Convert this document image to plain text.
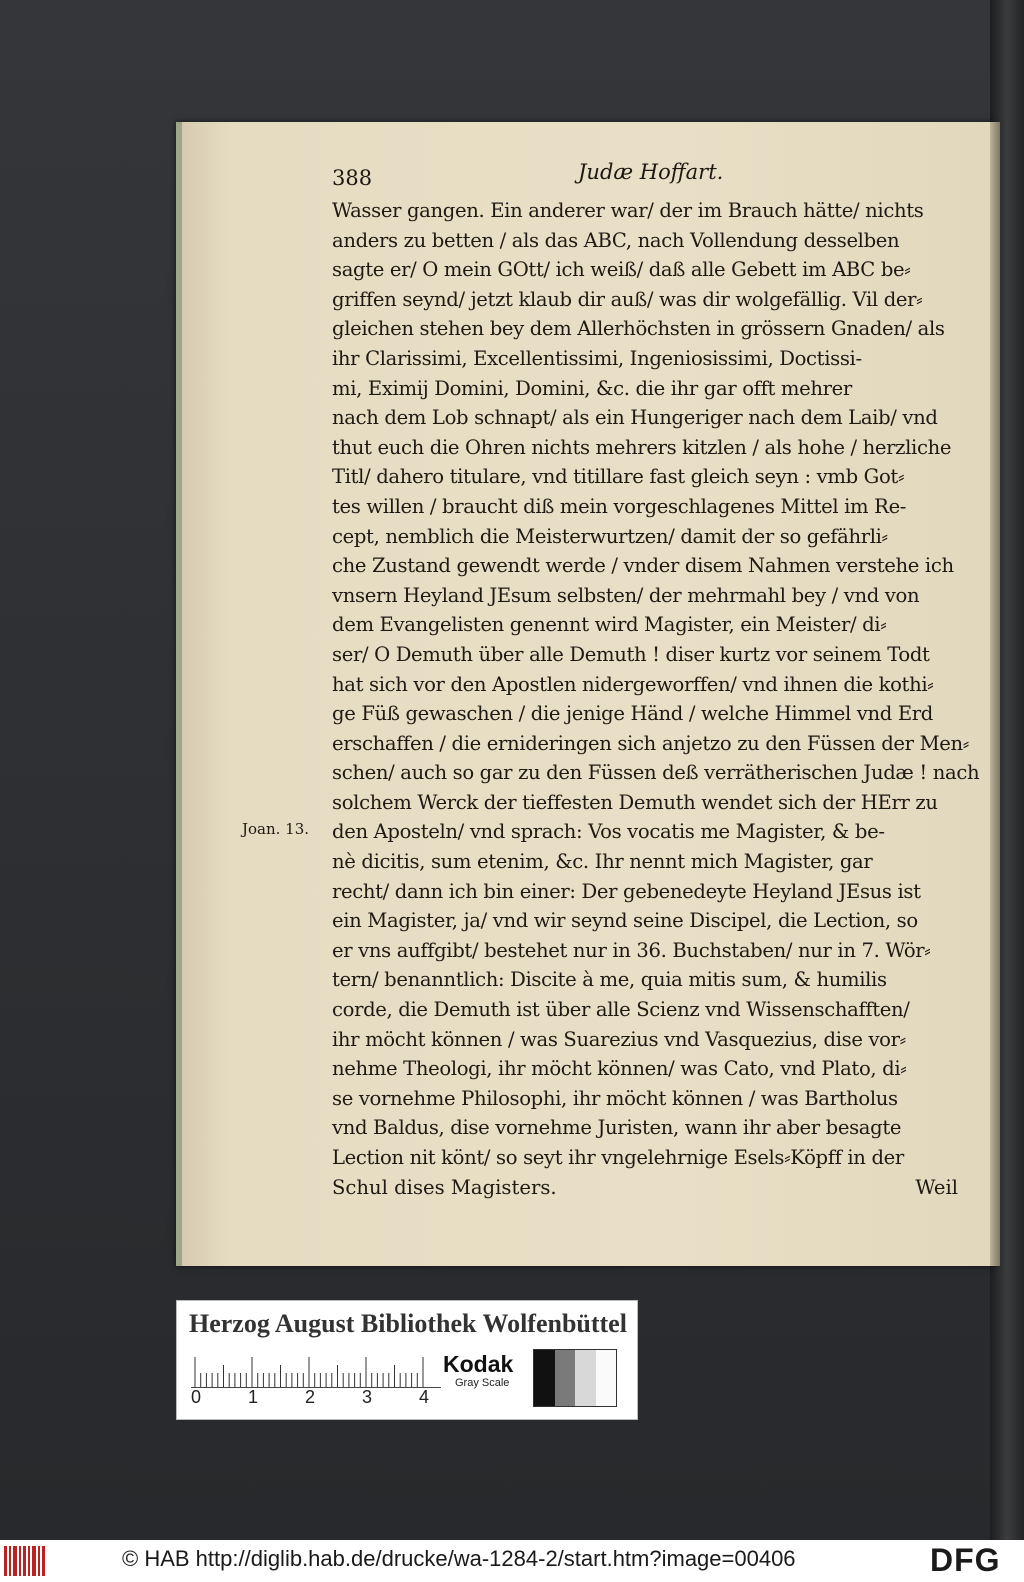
388	Judæ Hoffart.
Joan. 13.
Wasser gangen. Ein anderer war/ der im Brauch hätte/ nichts
anders zu betten / als das ABC, nach Vollendung desselben
sagte er/ O mein GOtt/ ich weiß/ daß alle Gebett im ABC be⸗
griffen seynd/ jetzt klaub dir auß/ was dir wolgefällig. Vil der⸗
gleichen stehen bey dem Allerhöchsten in grössern Gnaden/ als
ihr Clarissimi, Excellentissimi, Ingeniosissimi, Doctissi-
mi, Eximij Domini, Domini, &c. die ihr gar offt mehrer
nach dem Lob schnapt/ als ein Hungeriger nach dem Laib/ vnd
thut euch die Ohren nichts mehrers kitzlen / als hohe / herzliche
Titl/ dahero titulare, vnd titillare fast gleich seyn : vmb Got⸗
tes willen / braucht diß mein vorgeschlagenes Mittel im Re-
cept, nemblich die Meisterwurtzen/ damit der so gefährli⸗
che Zustand gewendt werde / vnder disem Nahmen verstehe ich
vnsern Heyland JEsum selbsten/ der mehrmahl bey / vnd von
dem Evangelisten genennt wird Magister, ein Meister/ di⸗
ser/ O Demuth über alle Demuth ! diser kurtz vor seinem Todt
hat sich vor den Apostlen nidergeworffen/ vnd ihnen die kothi⸗
ge Füß gewaschen / die jenige Händ / welche Himmel vnd Erd
erschaffen / die ernideringen sich anjetzo zu den Füssen der Men⸗
schen/ auch so gar zu den Füssen deß verrätherischen Judæ ! nach
solchem Werck der tieffesten Demuth wendet sich der HErr zu
den Aposteln/ vnd sprach: Vos vocatis me Magister, & be-
nè dicitis, sum etenim, &c. Ihr nennt mich Magister, gar
recht/ dann ich bin einer: Der gebenedeyte Heyland JEsus ist
ein Magister, ja/ vnd wir seynd seine Discipel, die Lection, so
er vns auffgibt/ bestehet nur in 36. Buchstaben/ nur in 7. Wör⸗
tern/ benanntlich: Discite à me, quia mitis sum, & humilis
corde, die Demuth ist über alle Scienz vnd Wissenschafften/
ihr möcht können / was Suarezius vnd Vasquezius, dise vor⸗
nehme Theologi, ihr möcht können/ was Cato, vnd Plato, di⸗
se vornehme Philosophi, ihr möcht können / was Bartholus
vnd Baldus, dise vornehme Juristen, wann ihr aber besagte
Lection nit könt/ so seyt ihr vngelehrnige Esels⸗Köpff in der
Schul dises Magisters.	Weil
Herzog August Bibliothek Wolfenbüttel
0	1	2	3	4
Kodak
Gray Scale
© HAB http://diglib.hab.de/drucke/wa-1284-2/start.htm?image=00406	DFG
